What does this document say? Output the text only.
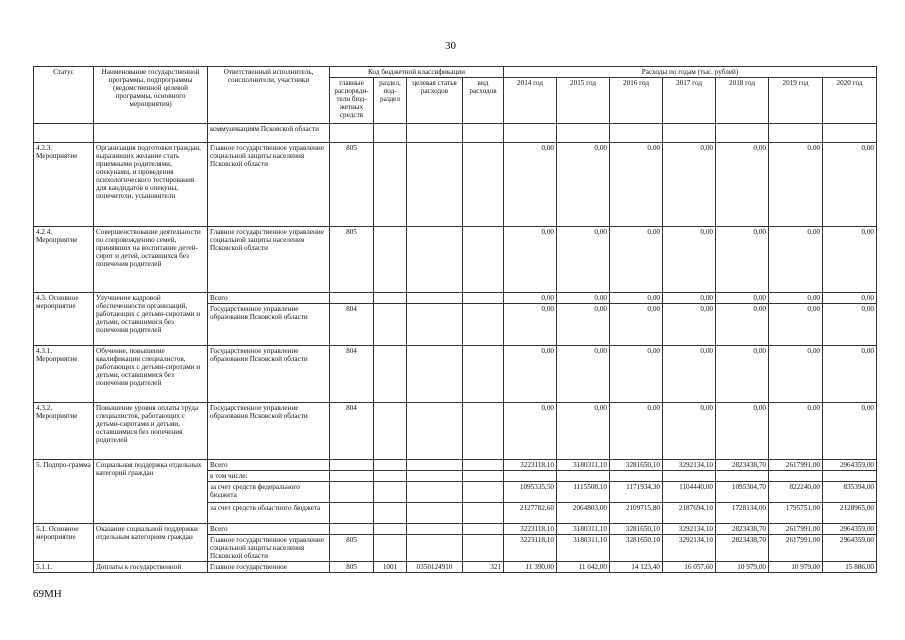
30
Статус	Наименование государственной программы, подпрограммы (ведомственной целевой программы, основного мероприятия)	Ответственный исполнитель, соисполнители, участники	Код бюджетной классификации				Расходы по годам (тыс. рублей)						
			главные распоряди-тели бюд-жетных средств	раздел, под-раздел	целевая статья расходов	вид расходов	2014 год	2015 год	2016 год	2017 год	2018 год	2019 год	2020 год
		коммуникациям Псковской области											
4.2.3. Мероприятие	Организация подготовки граждан, выразивших желание стать приемными родителями, опекунами, и проведения психологического тестирования для кандидатов в опекуны, попечители, усыновители	Главное государственное управление социальной защиты населения Псковской области	805				0,00	0,00	0,00	0,00	0,00	0,00	0,00
4.2.4. Мероприятие	Совершенствование деятельности по сопровождению семей, принявших на воспитание детей-сирот и детей, оставшихся без попечения родителей	Главное государственное управление социальной защиты населения Псковской области	805				0,00	0,00	0,00	0,00	0,00	0,00	0,00
4.3. Основное мероприятие	Улучшение кадровой обеспеченности организаций, работающих с детьми-сиротами и детьми, оставшимися без попечения родителей	Всего					0,00	0,00	0,00	0,00	0,00	0,00	0,00
		Государственное управление образования Псковской области	804				0,00	0,00	0,00	0,00	0,00	0,00	0,00
4.3.1. Мероприятие	Обучение, повышение квалификации специалистов, работающих с детьми-сиротами и детьми, оставшимися без попечения родителей	Государственное управление образования Псковской области	804				0,00	0,00	0,00	0,00	0,00	0,00	0,00
4.3.2. Мероприятие	Повышение уровня оплаты труда специалистов, работающих с детьми-сиротами и детьми, оставшимися без попечения родителей	Государственное управление образования Псковской области	804				0,00	0,00	0,00	0,00	0,00	0,00	0,00
5. Подпро-грамма	Социальная поддержка отдельных категорий граждан	Всего					3223118,10	3180311,10	3281650,10	3292134,10	2823438,70	2617991,00	2964359,00
		в том числе:											
		за счет средств федерального бюджета					1095335,50	1115508,10	1171934,30	1104440,00	1095304,70	822240,00	835394,00
		за счет средств областного бюджета					2127782,60	2064803,00	2109715,80	2187694,10	1728134,00	1795751,00	2128965,00
5.1. Основное мероприятие	Оказание социальной поддержки отдельным категориям граждан	Всего					3223118,10	3180311,10	3281650,10	3292134,10	2823438,70	2617991,00	2964359,00
		Главное государственное управление социальной защиты населения Псковской области	805				3223118,10	3180311,10	3281650,10	3292134,10	2823438,70	2617991,00	2964359,00
5.1.1.	Доплаты к государственной	Главное государственное	805	1001	0350124910	321	11 390,00	11 042,00	14 123,40	16 057,60	10 979,00	10 979,00	15 886,00
69МН
